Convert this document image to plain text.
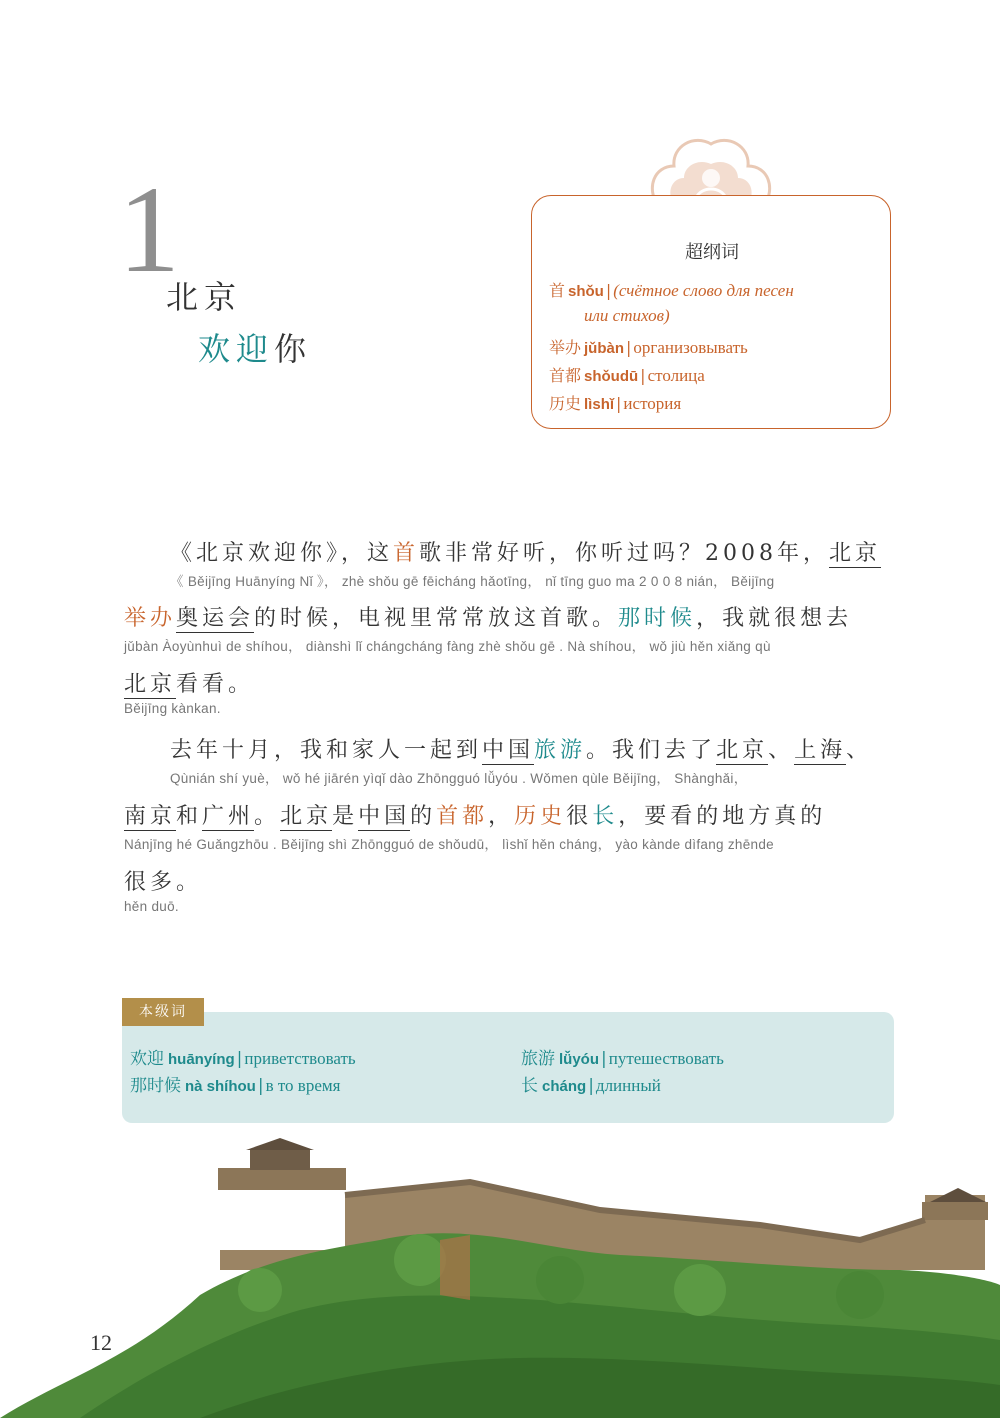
1
北京
欢迎你
超纲词
首 shǒu | (счётное слово для песен
или стихов)
举办 jǔbàn | организовывать
首都 shǒudū | столица
历史 lìshǐ | история
《北京欢迎你》，这首歌非常好听，你听过吗？2008年，北京
《 Běijīng Huānyíng Nǐ 》， zhè shǒu gē fēicháng hǎotīng， nǐ tīng guo ma 2 0 0 8 nián， Běijīng
举办奥运会的时候，电视里常常放这首歌。那时候，我就很想去
jǔbàn Àoyùnhuì de shíhou， diànshì lǐ chángcháng fàng zhè shǒu gē . Nà shíhou， wǒ jiù hěn xiǎng qù
北京看看。
Běijīng kànkan.
去年十月，我和家人一起到中国旅游。我们去了北京、上海、
Qùnián shí yuè， wǒ hé jiārén yìqǐ dào Zhōngguó lǚyóu . Wǒmen qùle Běijīng， Shànghǎi，
南京和广州。北京是中国的首都，历史很长，要看的地方真的
Nánjīng hé Guǎngzhōu . Běijīng shì Zhōngguó de shǒudū， lìshǐ hěn cháng， yào kànde dìfang zhēnde
很多。
hěn duō.
欢迎 huānyíng | приветствовать
那时候 nà shíhou | в то время
旅游 lǚyóu | путешествовать
长 cháng | длинный
本级词
12
